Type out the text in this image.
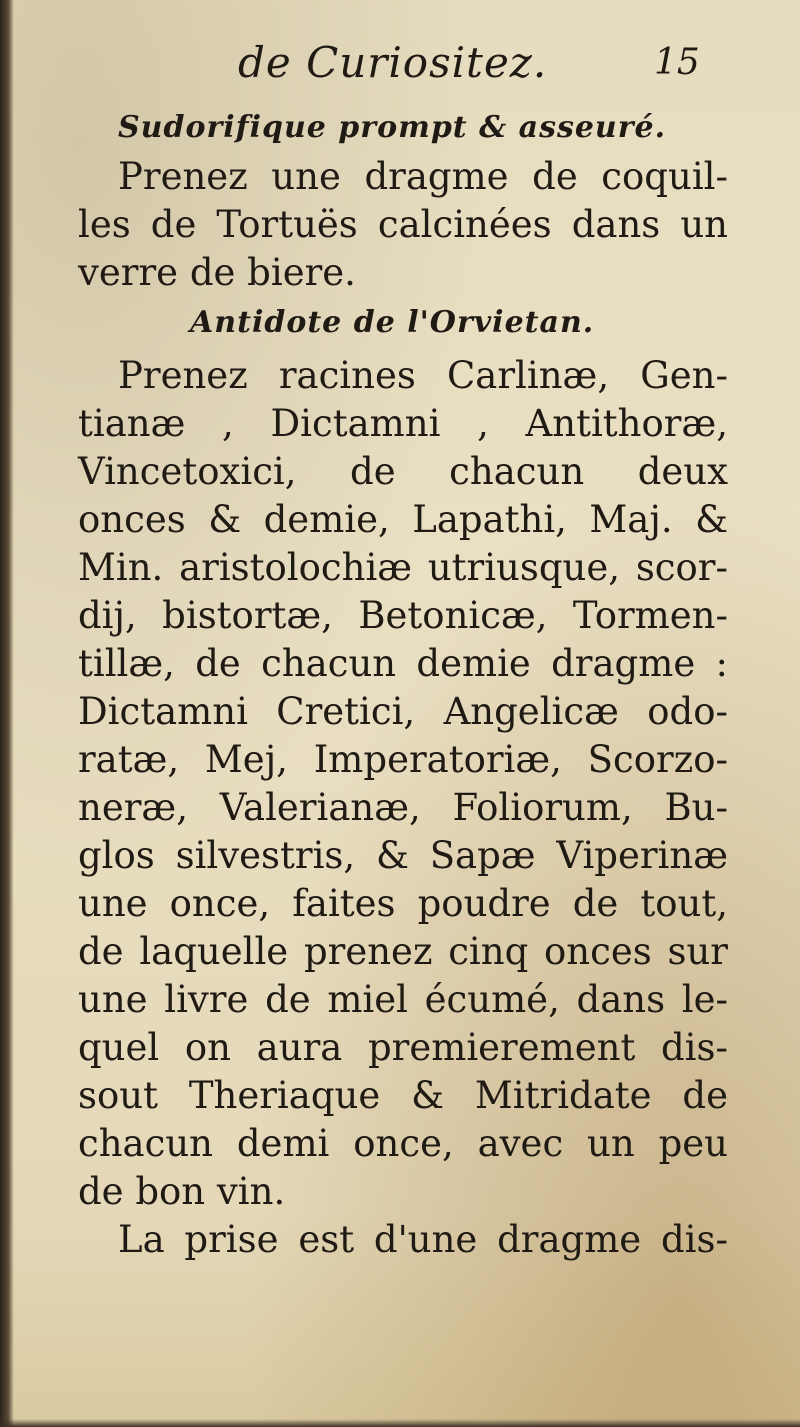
de Curiositez.	15
Sudorifique prompt & asseuré.
Prenez une dragme de coquil-
les de Tortuës calcinées dans un
verre de biere.
Antidote de l'Orvietan.
Prenez racines Carlinæ, Gen-
tianæ , Dictamni , Antithoræ,
Vincetoxici, de chacun deux
onces & demie, Lapathi, Maj. &
Min. aristolochiæ utriusque, scor-
dij, bistortæ, Betonicæ, Tormen-
tillæ, de chacun demie dragme :
Dictamni Cretici, Angelicæ odo-
ratæ, Mej, Imperatoriæ, Scorzo-
neræ, Valerianæ, Foliorum, Bu-
glos silvestris, & Sapæ Viperinæ
une once, faites poudre de tout,
de laquelle prenez cinq onces sur
une livre de miel écumé, dans le-
quel on aura premierement dis-
sout Theriaque & Mitridate de
chacun demi once, avec un peu
de bon vin.
La prise est d'une dragme dis-
